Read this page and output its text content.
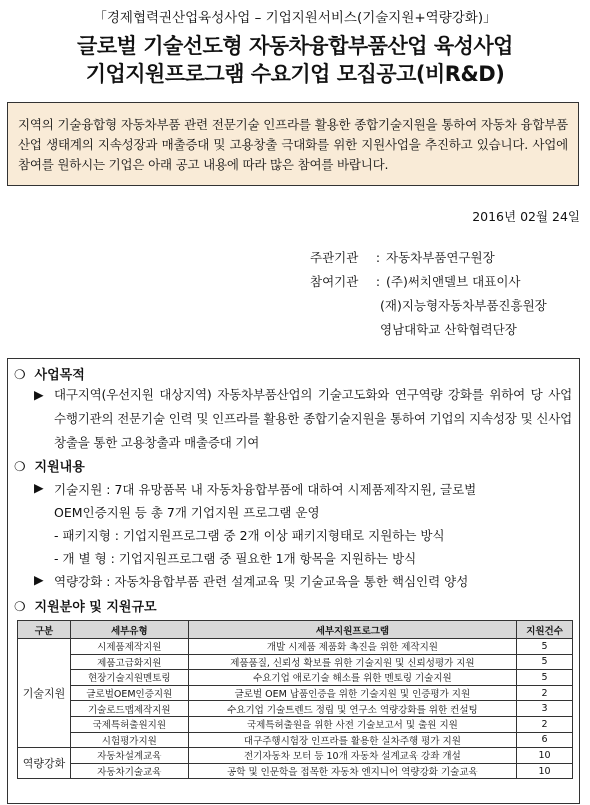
「경제협력권산업육성사업 – 기업지원서비스(기술지원+역량강화)」
글로벌 기술선도형 자동차융합부품산업 육성사업
기업지원프로그램 수요기업 모집공고(비R&D)
지역의 기술융합형 자동차부품 관련 전문기술 인프라를 활용한 종합기술지원을 통하여 자동차 융합부품산업 생태계의 지속성장과 매출증대 및 고용창출 극대화를 위한 지원사업을 추진하고 있습니다. 사업에 참여를 원하시는 기업은 아래 공고 내용에 따라 많은 참여를 바랍니다.
2016년 02월 24일
주관기관 : 자동차부품연구원장
참여기관 : (주)써치앤델브 대표이사
(재)지능형자동차부품진흥원장
영남대학교 산학협력단장
❍ 사업목적
▶ 대구지역(우선지원 대상지역) 자동차부품산업의 기술고도화와 연구역량 강화를 위하여 당 사업 수행기관의 전문기술 인력 및 인프라를 활용한 종합기술지원을 통하여 기업의 지속성장 및 신사업 창출을 통한 고용창출과 매출증대 기여
❍ 지원내용
▶ 기술지원 : 7대 유망품목 내 자동차융합부품에 대하여 시제품제작지원, 글로벌
OEM인증지원 등 총 7개 기업지원 프로그램 운영
- 패키지형 : 기업지원프로그램 중 2개 이상 패키지형태로 지원하는 방식
- 개 별 형 : 기업지원프로그램 중 필요한 1개 항목을 지원하는 방식
▶ 역량강화 : 자동차융합부품 관련 설계교육 및 기술교육을 통한 핵심인력 양성
❍ 지원분야 및 지원규모
구분	세부유형	세부지원프로그램	지원건수
기술지원	시제품제작지원	개발 시제품 제품화 촉진을 위한 제작지원	5
	제품고급화지원	제품품질, 신뢰성 확보를 위한 기술지원 및 신뢰성평가 지원	5
	현장기술지원멘토링	수요기업 애로기술 해소를 위한 멘토링 기술지원	5
	글로벌OEM인증지원	글로벌 OEM 납품인증을 위한 기술지원 및 인증평가 지원	2
	기술로드맵제작지원	수요기업 기술트렌드 정립 및 연구소 역량강화를 위한 컨설팅	3
	국제특허출원지원	국제특허출원을 위한 사전 기술보고서 및 출원 지원	2
	시험평가지원	대구주행시험장 인프라를 활용한 실차주행 평가 지원	6
역량강화	자동차설계교육	전기자동차 모터 등 10개 자동차 설계교육 강좌 개설	10
	자동차기술교육	공학 및 인문학을 접목한 자동차 엔지니어 역량강화 기술교육	10
